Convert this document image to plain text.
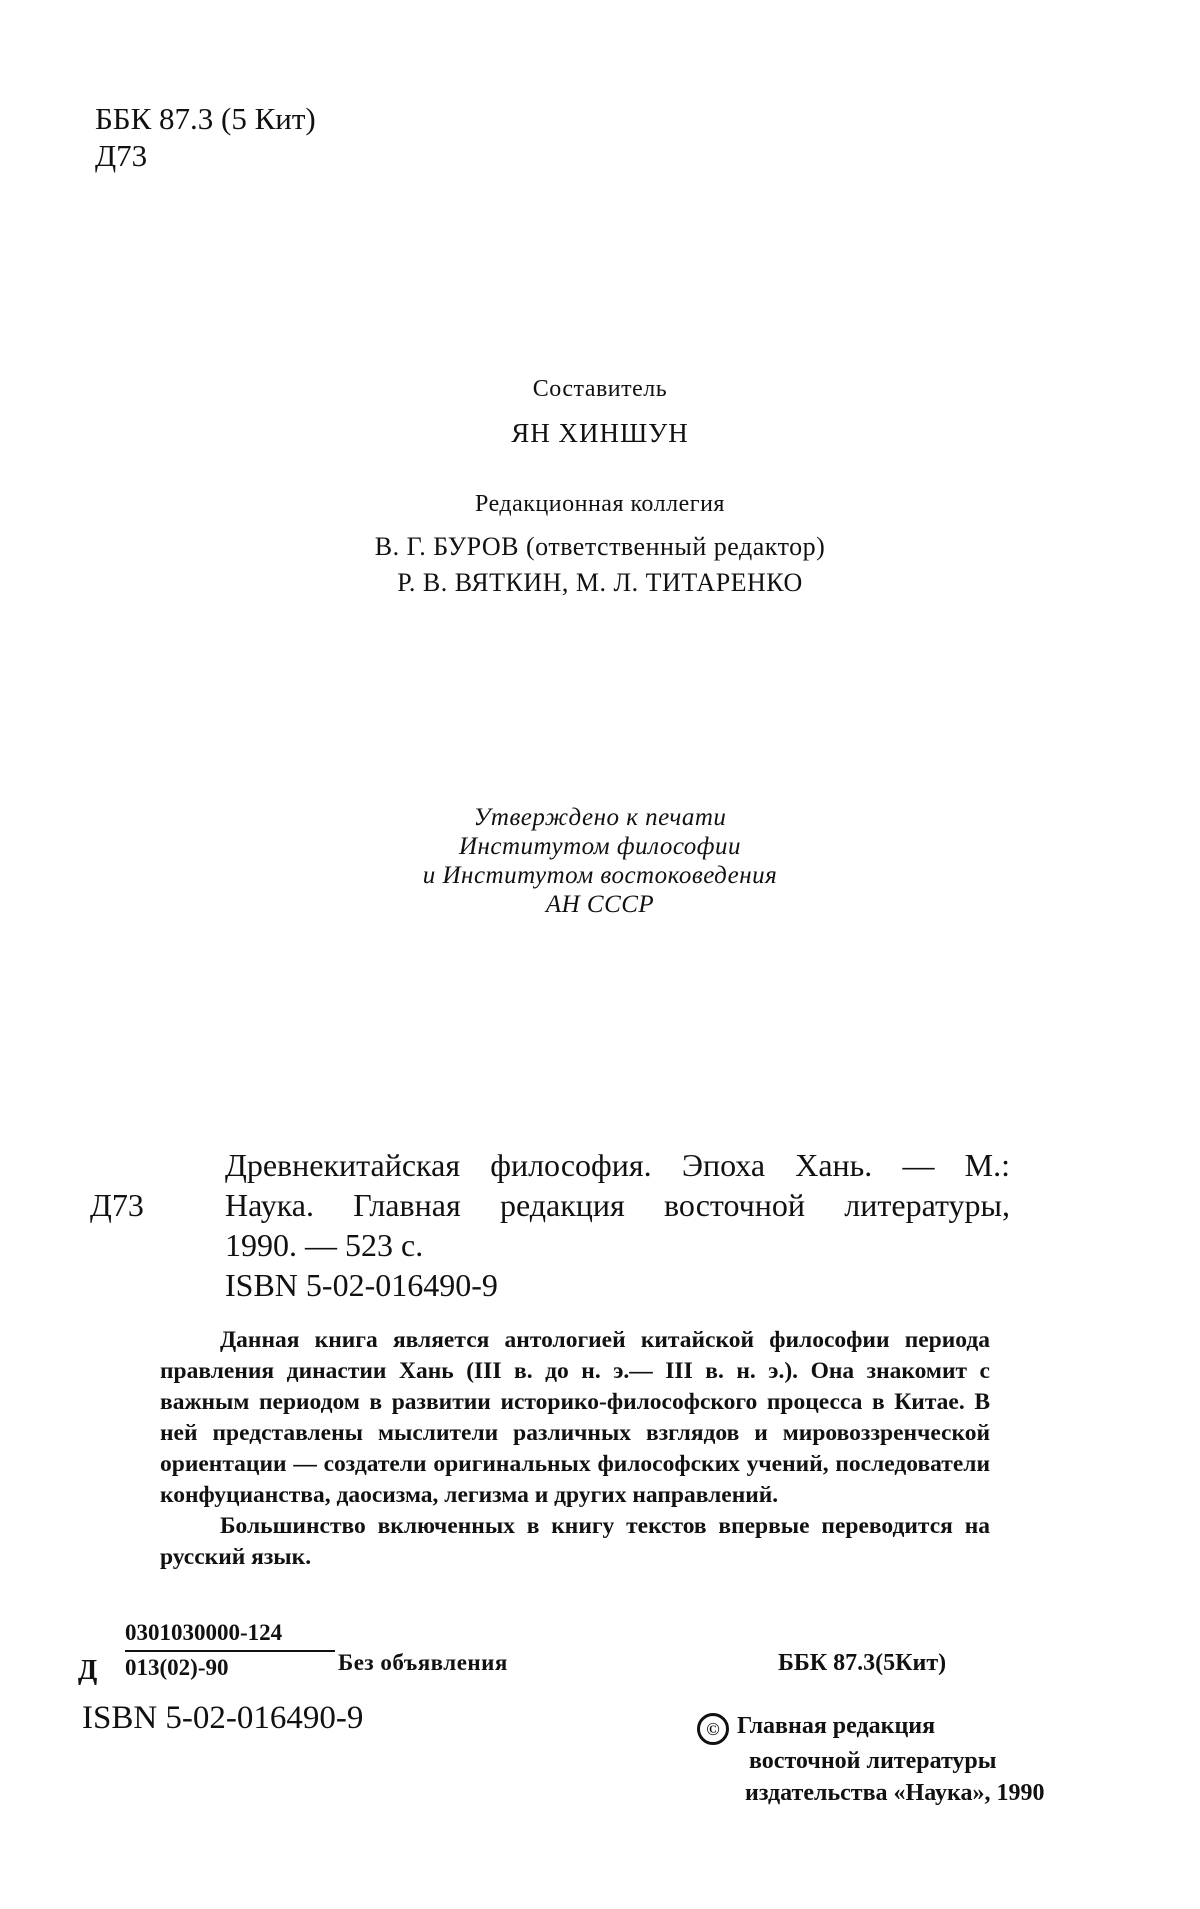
ББК 87.3 (5 Кит)
Д73
Составитель
ЯН ХИНШУН
Редакционная коллегия
В. Г. БУРОВ (ответственный редактор)
Р. В. ВЯТКИН, М. Л. ТИТАРЕНКО
Утверждено к печати
Институтом философии
и Институтом востоковедения
АН СССР
Древнекитайская философия. Эпоха Хань. — М.:
Д73	Наука. Главная редакция восточной литературы,
1990. — 523 с.
ISBN 5-02-016490-9

Данная книга является антологией китайской философии периода правления династии Хань (III в. до н. э.— III в. н. э.). Она знакомит с важным периодом в развитии историко-философского процесса в Китае. В ней представлены мыслители различных взглядов и мировоззренческой ориентации — создатели оригинальных философских учений, последователи конфуцианства, даосизма, легизма и других направлений.

Большинство включенных в книгу текстов впервые переводится на русский язык.

Д $\frac{0301030000-124}{013(02)-90}$ Без объявления	ББК 87.3(5Кит)
ISBN 5-02-016490-9	© Главная редакция
восточной литературы
издательства «Наука», 1990
